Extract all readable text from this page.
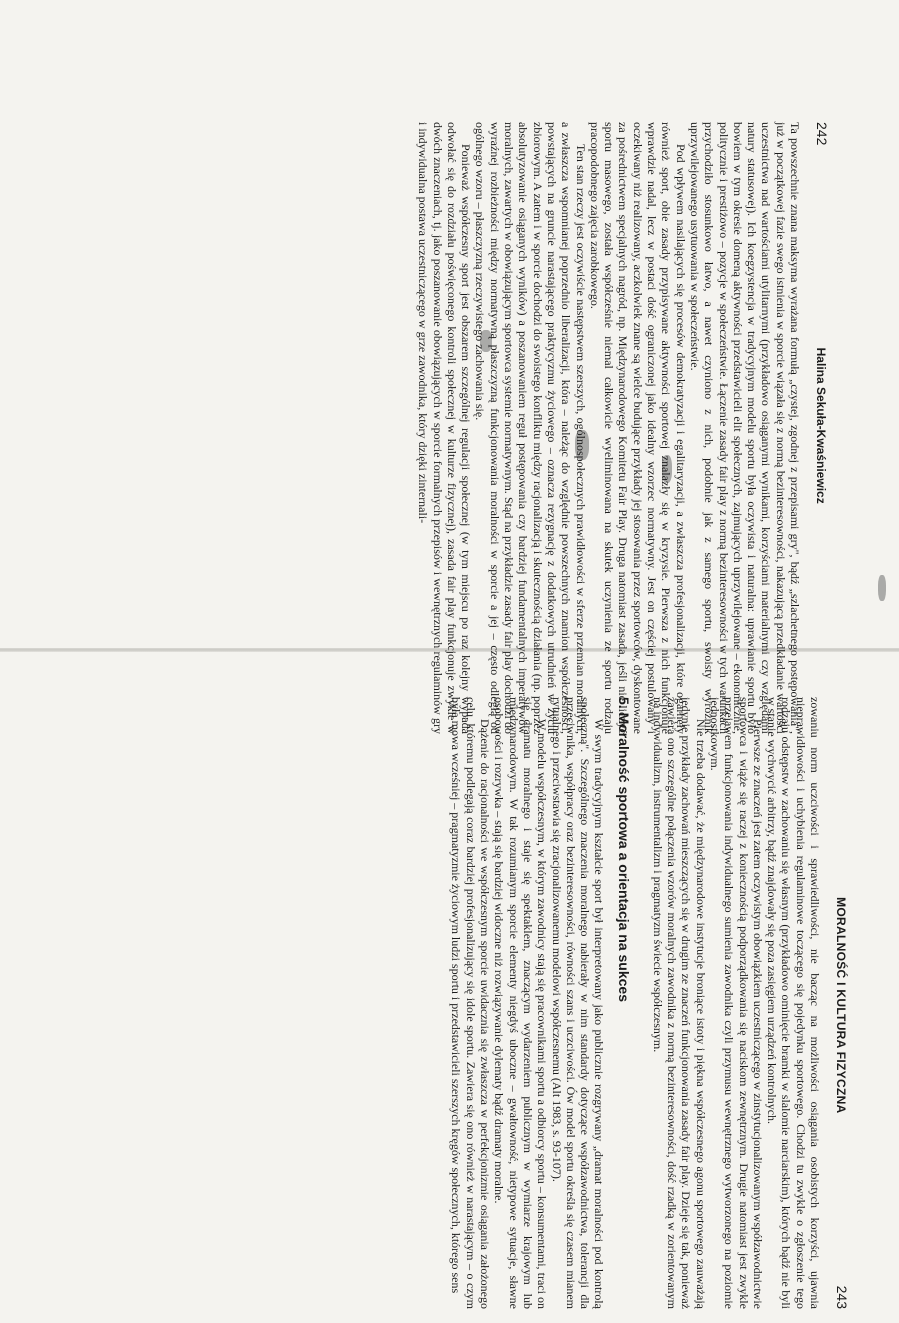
242
Halina Sekuła-Kwaśniewicz

Ta powszechnie znana maksyma wyrażana formułą „czystej, zgodnej z przepisami gry", bądź „szlachetnego postępowania", już w początkowej fazie swego istnienia w sporcie wiązała się z normą bezinteresowności, nakazującą przedkładanie wartości uczestnictwa nad wartościami utylitarnymi (przykładowo osiąganymi wynikami, korzyściami materialnymi czy względami natury statusowej). Ich koegzystencja w tradycyjnym modelu sportu była oczywista i naturalna: uprawianie sportu było bowiem w tym okresie domeną aktywności przedstawicieli elit społecznych, zajmujących uprzywilejowane – ekonomicznie, politycznie i prestiżowo – pozycje w społeczeństwie. Łączenie zasady fair play z normą bezinteresowności w tych warunkach przychodziło stosunkowo łatwo, a nawet czyniono z nich, podobnie jak z samego sportu, swoisty wyróżnik uprzywilejowanego usytuowania w społeczeństwie.

Pod wpływem nasilających się procesów demokratyzacji i egalitaryzacji, a zwłaszcza profesjonalizacji, które ogarnęły również sport, obie zasady przypisywane aktywności sportowej znalazły się w kryzysie. Pierwsza z nich funkcjonuje wprawdzie nadal, lecz w postaci dość ograniczonej jako idealny wzorzec normatywny. Jest on częściej postulowany i oczekiwany niż realizowany, aczkolwiek znane są wielce budujące przykłady jej stosowania przez sportowców, dyskontowane za pośrednictwem specjalnych nagród, np. Międzynarodowego Komitetu Fair Play. Druga natomiast zasada, jeśli nie liczyć sportu masowego, została współcześnie niemal całkowicie wyeliminowana na skutek uczynienia ze sportu rodzaju pracopodobnego zajęcia zarobkowego.

Ten stan rzeczy jest oczywiście następstwem szerszych, ogólnospołecznych prawidłowości w sferze przemian moralnych, a zwłaszcza wspomnianej poprzednio liberalizacji, która – należąc do względnie powszechnych znamion współczesności, powstających na gruncie narastającego praktycyzmu życiowego – oznacza rezygnację z dodatkowych utrudnień w życiu zbiorowym. A zatem i w sporcie dochodzi do swoistego konfliktu między racjonalizacją i skutecznością działania (np. poprzez absolutyzowanie osiąganych wyników) a poszanowaniem reguł postępowania czy bardziej fundamentalnych imperatywów moralnych, zawartych w obowiązującym sportowca systemie normatywnym. Stąd na przykładzie zasady fair play dochodzi do wyraźnej rozbieżności między normatywną płaszczyzną funkcjonowania moralności w sporcie a jej – często odległą od ogólnego wzoru – płaszczyzną rzeczywistego zachowania się.

Ponieważ współczesny sport jest obszarem szczególnej regulacji społecznej (w tym miejscu po raz kolejny wypada odwołać się do rozdziału poświęconego kontroli społecznej w kulturze fizycznej), zasada fair play funkcjonuje zwykle w dwóch znaczeniach, tj. jako poszanowanie obowiązujących w sporcie formalnych przepisów i wewnętrznych regulaminów gry i indywidualna postawa uczestniczącego w grze zawodnika, który dzięki zinternali-

MORALNOŚĆ I KULTURA FIZYCZNA
243

zowaniu norm uczciwości i sprawiedliwości, nie bacząc na możliwości osiągania osobistych korzyści, ujawnia nieprawidłowości i uchybienia regulaminowe toczącego się pojedynku sportowego. Chodzi tu zwykle o zgłoszenie tego rodzaju odstępstw w zachowaniu się własnym (przykładowo ominięcie bramki w slalomie narciarskim), których bądź nie byli w stanie wychwycić arbitrzy, bądź znajdowały się poza zasięgiem urządzeń kontrolnych.

Pierwsze ze znaczeń jest zatem oczywistym obowiązkiem uczestniczącego w zinstytucjonalizowanym współzawodnictwie sportowca i wiąże się raczej z koniecznością podporządkowania się naciskom zewnętrznym. Drugie natomiast jest zwykle przejawem funkcjonowania indywidualnego sumienia zawodnika czyli przymusu wewnętrznego wytworzonego na poziomie jednostkowym.

Nie trzeba dodawać, że międzynarodowe instytucje broniące istoty i piękna współczesnego agonu sportowego zauważają jedynie przykłady zachowań mieszczących się w drugim ze znaczeń funkcjonowania zasady fair play. Dzieje się tak, ponieważ zawiera ono szczególne połączenia wzorów moralnych zawodnika z normą bezinteresowności, dość rzadką w zorientowanym na indywidualizm, instrumentalizm i pragmatyzm świecie współczesnym.

5. Moralność sportowa a orientacja na sukces

W swym tradycyjnym kształcie sport był interpretowany jako publicznie rozgrywany „dramat moralności pod kontrolą społeczną". Szczególnego znaczenia moralnego nabierały w nim standardy dotyczące współzawodnictwa, tolerancji dla przeciwnika, współpracy oraz bezinteresowności, równości szans i uczciwości. Ów model sportu określa się czasem mianem rytualnego i przeciwstawia się zracjonalizowanemu modelowi współczesnemu (Alt 1983, s. 93-107).

W modelu współczesnym, w którym zawodnicy stają się pracownikami sportu a odbiorcy sportu – konsumentami, traci on się dramatu moralnego i staje się spektaklem, znaczącym wydarzeniem publicznym w wymiarze krajowym lub międzynarodowym. W tak rozumianym sporcie elementy niegdyś uboczne – gwałtowność, nietypowe sytuacje, sławne osobowości i rozrywka – stają się bardziej widoczne niż rozwiązywanie dylematy bądź dramaty moralne.

Dążenie do racjonalności we współczesnym sporcie uwidacznia się zwłaszcza w perfekcjonizmie osiągania założonego celu, któremu podlegają coraz bardziej profesjonalizujący się idole sportu. Zawiera się ono również w narastającym – o czym była mowa wcześniej – pragmatyzmie życiowym ludzi sportu i przedstawicieli szerszych kręgów społecznych, którego sens
